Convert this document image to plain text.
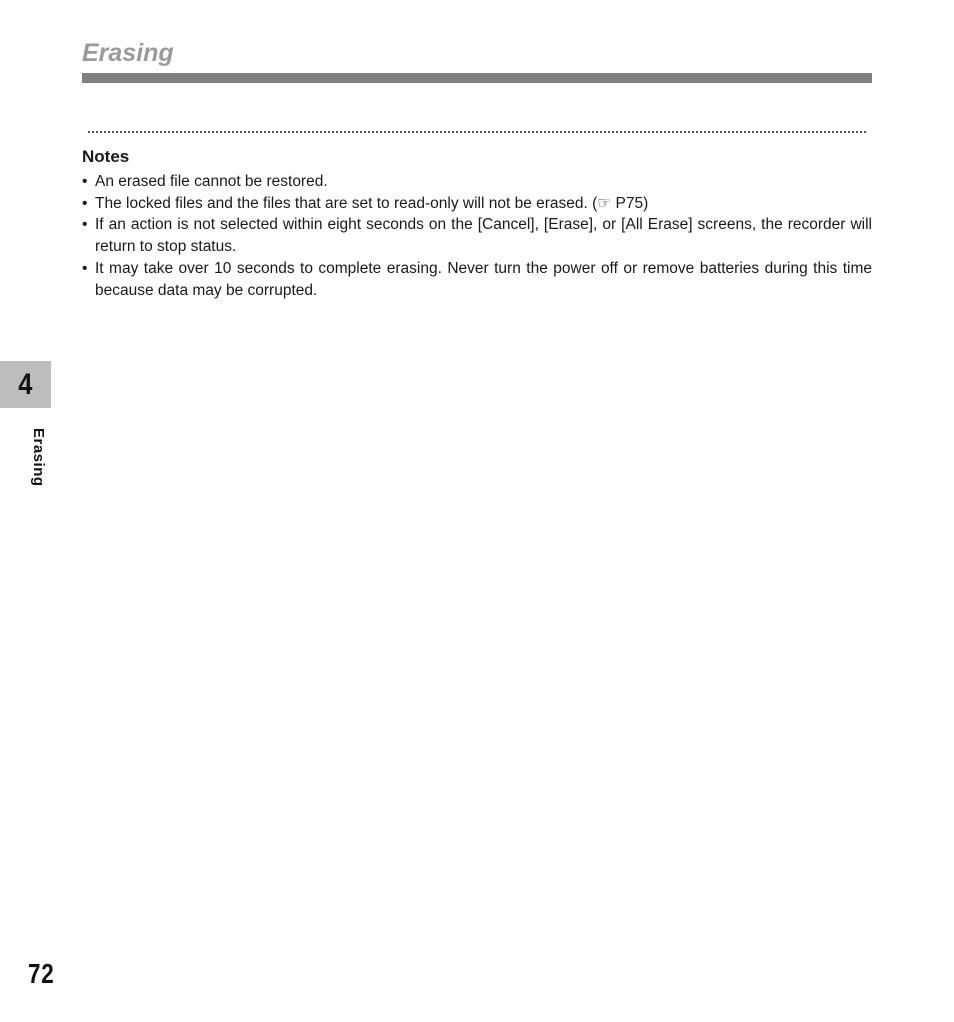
Erasing
Notes
• An erased file cannot be restored.
• The locked files and the files that are set to read-only will not be erased. (☞ P75)
• If an action is not selected within eight seconds on the [Cancel], [Erase], or [All Erase] screens, the recorder will return to stop status.
• It may take over 10 seconds to complete erasing. Never turn the power off or remove batteries during this time because data may be corrupted.
4
Erasing
72
